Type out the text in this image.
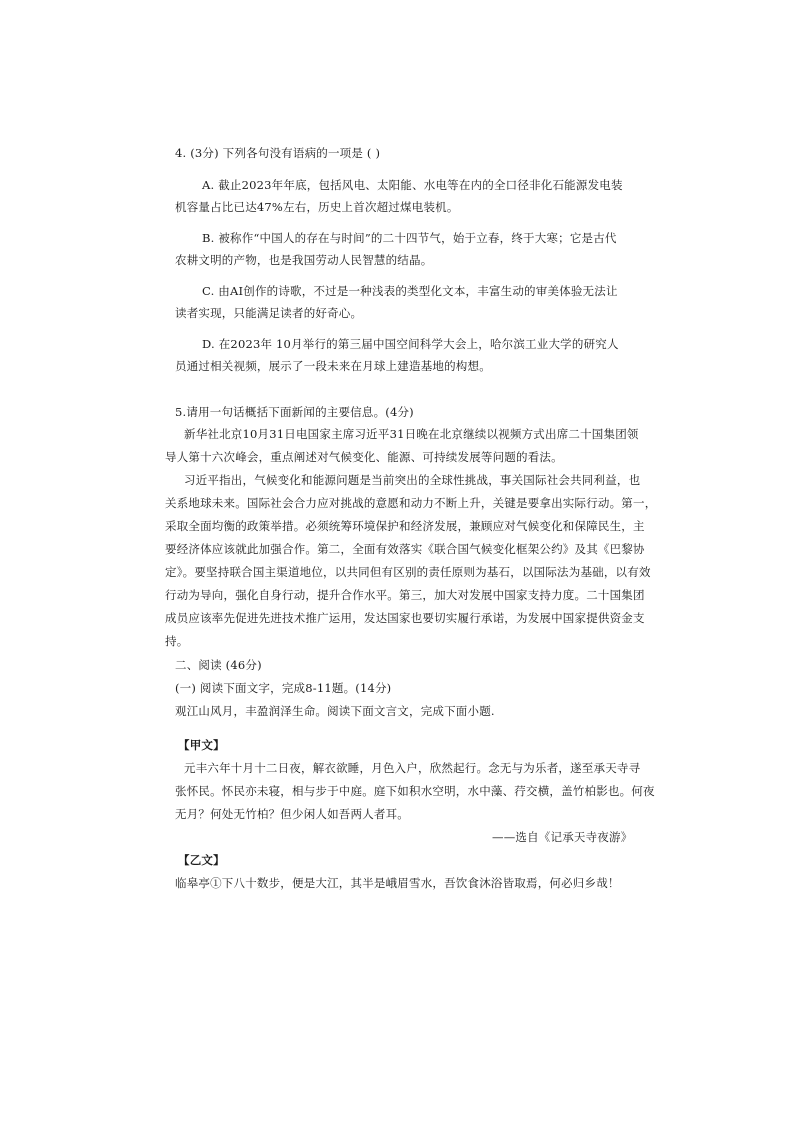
4. (3分) 下列各句没有语病的一项是 ( )
A. 截止2023年年底，包括风电、太阳能、水电等在内的全口径非化石能源发电装
机容量占比已达47%左右，历史上首次超过煤电装机。
B. 被称作“中国人的存在与时间”的二十四节气，始于立春，终于大寒；它是古代
农耕文明的产物，也是我国劳动人民智慧的结晶。
C. 由AI创作的诗歌，不过是一种浅表的类型化文本，丰富生动的审美体验无法让
读者实现，只能满足读者的好奇心。
D. 在2023年 10月举行的第三届中国空间科学大会上，哈尔滨工业大学的研究人
员通过相关视频，展示了一段未来在月球上建造基地的构想。
5.请用一句话概括下面新闻的主要信息。(4分)
新华社北京10月31日电国家主席习近平31日晚在北京继续以视频方式出席二十国集团领
导人第十六次峰会，重点阐述对气候变化、能源、可持续发展等问题的看法。
习近平指出，气候变化和能源问题是当前突出的全球性挑战，事关国际社会共同利益，也
关系地球未来。国际社会合力应对挑战的意愿和动力不断上升，关键是要拿出实际行动。第一，
采取全面均衡的政策举措。必须统筹环境保护和经济发展，兼顾应对气候变化和保障民生，主
要经济体应该就此加强合作。第二，全面有效落实《联合国气候变化框架公约》及其《巴黎协
定》。要坚持联合国主渠道地位，以共同但有区别的责任原则为基石，以国际法为基础，以有效
行动为导向，强化自身行动，提升合作水平。第三，加大对发展中国家支持力度。二十国集团
成员应该率先促进先进技术推广运用，发达国家也要切实履行承诺，为发展中国家提供资金支
持。
二、阅读 (46分)
(一) 阅读下面文字，完成8-11题。(14分)
观江山风月，丰盈润泽生命。阅读下面文言文，完成下面小题.
【甲文】
元丰六年十月十二日夜，解衣欲睡，月色入户，欣然起行。念无与为乐者，遂至承天寺寻
张怀民。怀民亦未寝，相与步于中庭。庭下如积水空明，水中藻、荇交横，盖竹柏影也。何夜
无月？何处无竹柏？但少闲人如吾两人者耳。
——选自《记承天寺夜游》
【乙文】
临皋亭①下八十数步，便是大江，其半是峨眉雪水，吾饮食沐浴皆取焉，何必归乡哉！
